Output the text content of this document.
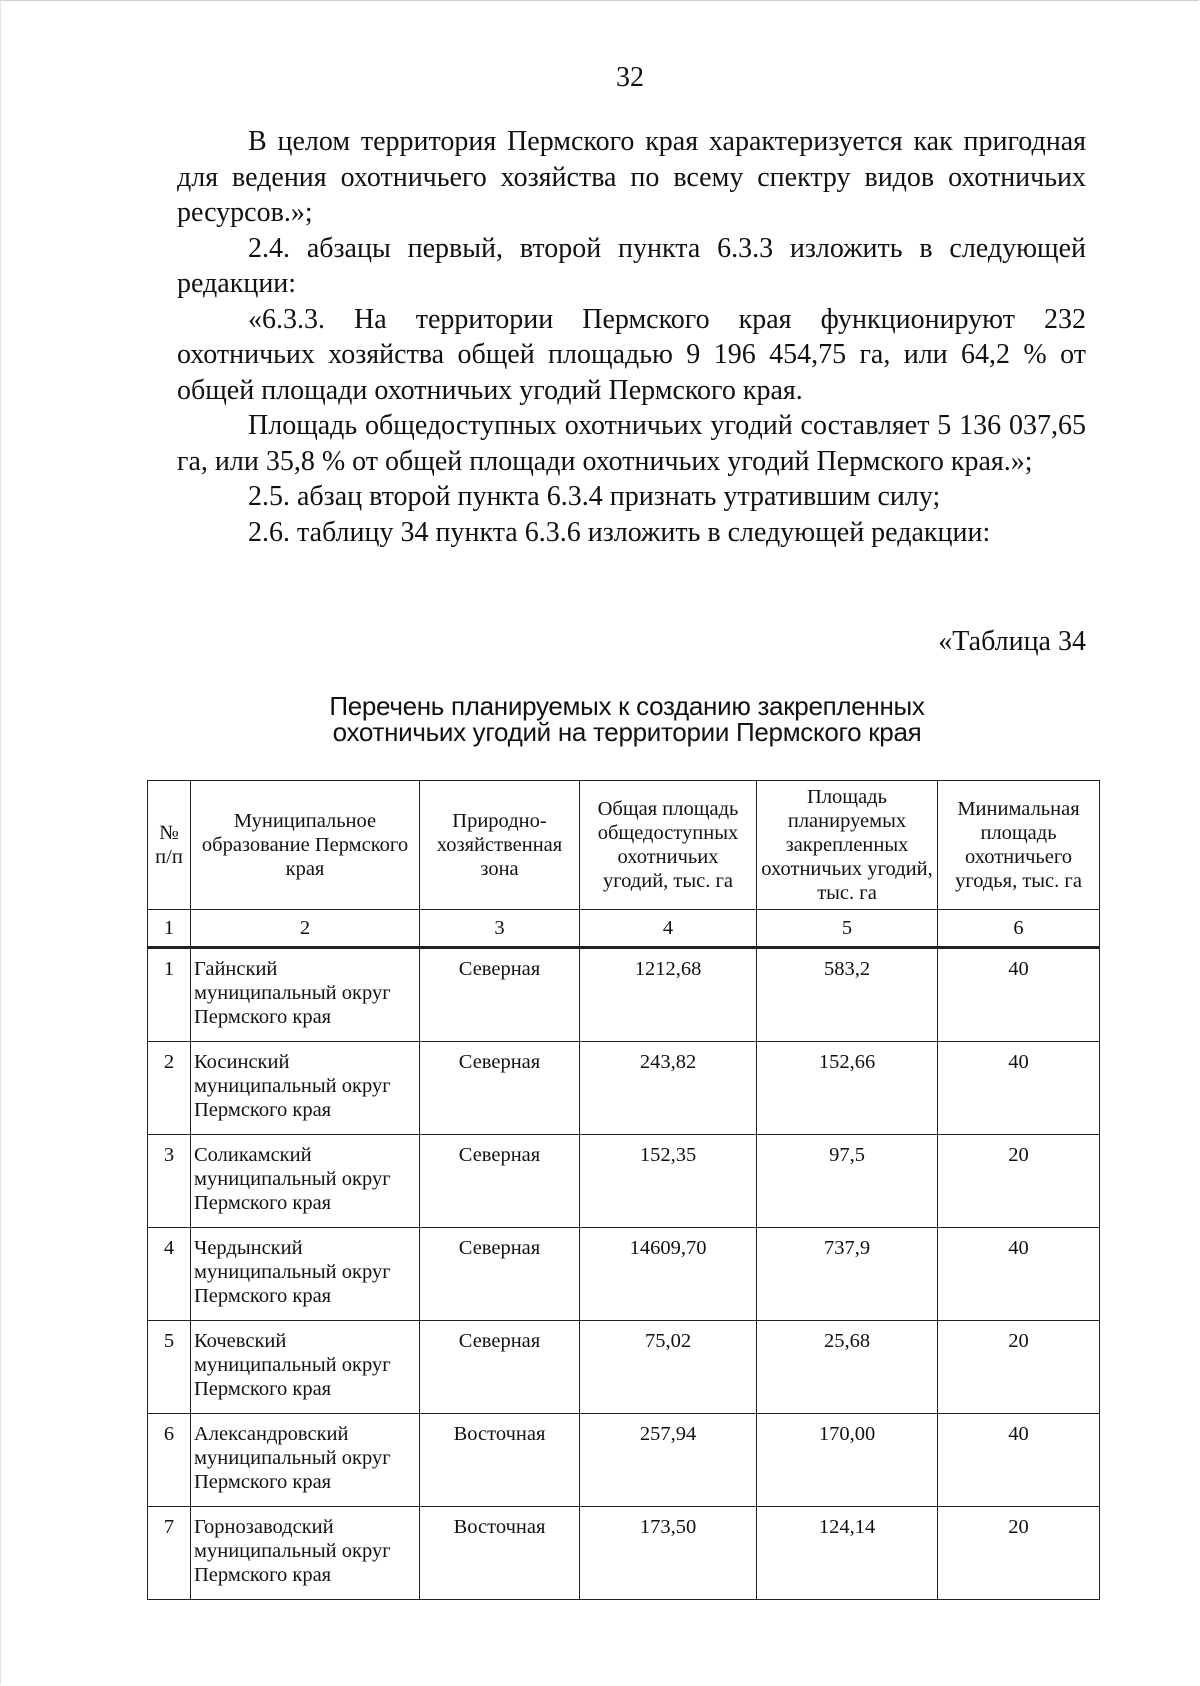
32

В целом территория Пермского края характеризуется как пригодная для ведения охотничьего хозяйства по всему спектру видов охотничьих ресурсов.»;

2.4. абзацы первый, второй пункта 6.3.3 изложить в следующей редакции:

«6.3.3. На территории Пермского края функционируют 232 охотничьих хозяйства общей площадью 9 196 454,75 га, или 64,2 % от общей площади охотничьих угодий Пермского края.

Площадь общедоступных охотничьих угодий составляет 5 136 037,65 га, или 35,8 % от общей площади охотничьих угодий Пермского края.»;

2.5. абзац второй пункта 6.3.4 признать утратившим силу;

2.6. таблицу 34 пункта 6.3.6 изложить в следующей редакции:

«Таблица 34
Перечень планируемых к созданию закрепленных
охотничьих угодий на территории Пермского края
№ п/п	Муниципальное образование Пермского края	Природно-хозяйственная зона	Общая площадь общедоступных охотничьих угодий, тыс. га	Площадь планируемых закрепленных охотничьих угодий, тыс. га	Минимальная площадь охотничьего угодья, тыс. га
1	2	3	4	5	6
1	Гайнский муниципальный округ Пермского края	Северная	1212,68	583,2	40
2	Косинский муниципальный округ Пермского края	Северная	243,82	152,66	40
3	Соликамский муниципальный округ Пермского края	Северная	152,35	97,5	20
4	Чердынский муниципальный округ Пермского края	Северная	14609,70	737,9	40
5	Кочевский муниципальный округ Пермского края	Северная	75,02	25,68	20
6	Александровский муниципальный округ Пермского края	Восточная	257,94	170,00	40
7	Горнозаводский муниципальный округ Пермского края	Восточная	173,50	124,14	20
